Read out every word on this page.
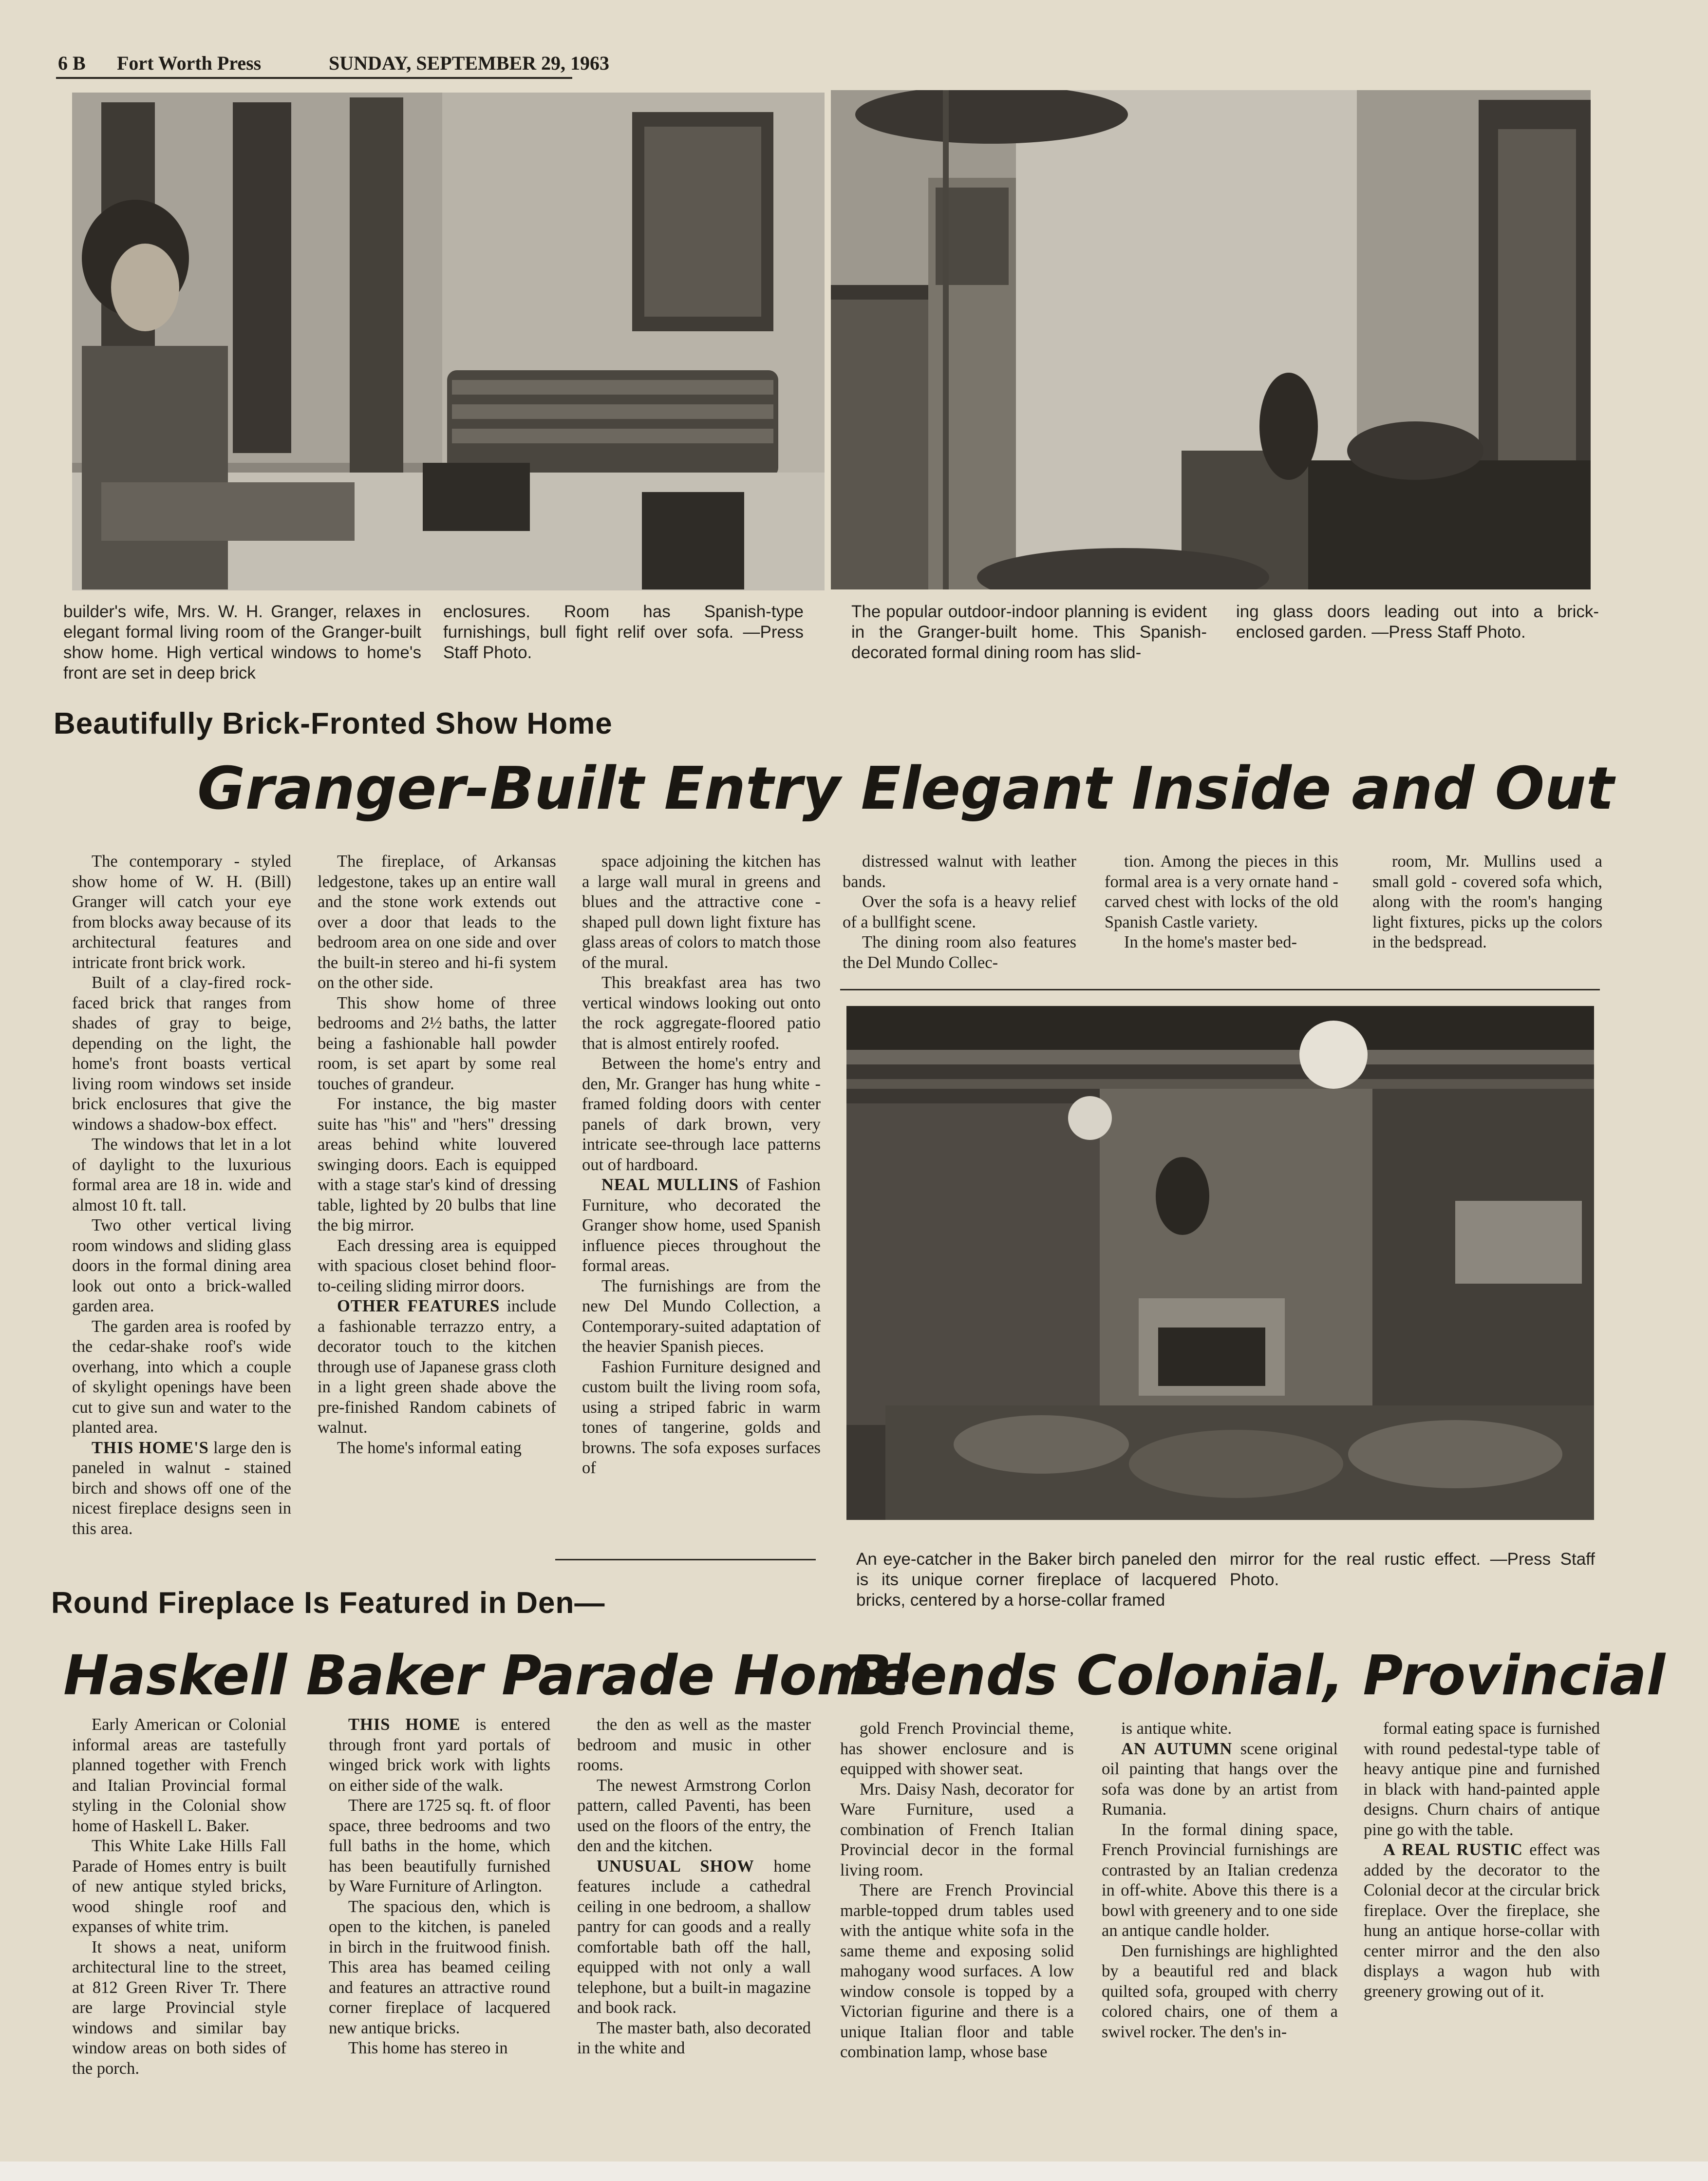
6 B Fort Worth Press	SUNDAY, SEPTEMBER 29, 1963
builder's wife, Mrs. W. H. Granger, relaxes in elegant formal living room of the Granger-built show home. High vertical windows to home's front are set in deep brick
enclosures. Room has Spanish-type furnishings, bull fight relif over sofa. —Press Staff Photo.
The popular outdoor-indoor planning is evident in the Granger-built home. This Spanish-decorated formal dining room has slid-
ing glass doors leading out into a brick-enclosed garden. —Press Staff Photo.
Beautifully Brick-Fronted Show Home
Granger-Built Entry Elegant Inside and Out

The contemporary - styled show home of W. H. (Bill) Granger will catch your eye from blocks away because of its architectural features and intricate front brick work.

Built of a clay-fired rock-faced brick that ranges from shades of gray to beige, depending on the light, the home's front boasts vertical living room windows set inside brick enclosures that give the windows a shadow-box effect.

The windows that let in a lot of daylight to the luxurious formal area are 18 in. wide and almost 10 ft. tall.

Two other vertical living room windows and sliding glass doors in the formal dining area look out onto a brick-walled garden area.

The garden area is roofed by the cedar-shake roof's wide overhang, into which a couple of skylight openings have been cut to give sun and water to the planted area.

THIS HOME'S large den is paneled in walnut - stained birch and shows off one of the nicest fireplace designs seen in this area.

The fireplace, of Arkansas ledgestone, takes up an entire wall and the stone work extends out over a door that leads to the bedroom area on one side and over the built-in stereo and hi-fi system on the other side.

This show home of three bedrooms and 2½ baths, the latter being a fashionable hall powder room, is set apart by some real touches of grandeur.

For instance, the big master suite has "his" and "hers" dressing areas behind white louvered swinging doors. Each is equipped with a stage star's kind of dressing table, lighted by 20 bulbs that line the big mirror.

Each dressing area is equipped with spacious closet behind floor-to-ceiling sliding mirror doors.

OTHER FEATURES include a fashionable terrazzo entry, a decorator touch to the kitchen through use of Japanese grass cloth in a light green shade above the pre-finished Random cabinets of walnut.

The home's informal eating

space adjoining the kitchen has a large wall mural in greens and blues and the attractive cone - shaped pull down light fixture has glass areas of colors to match those of the mural.

This breakfast area has two vertical windows looking out onto the rock aggregate-floored patio that is almost entirely roofed.

Between the home's entry and den, Mr. Granger has hung white - framed folding doors with center panels of dark brown, very intricate see-through lace patterns out of hardboard.

NEAL MULLINS of Fashion Furniture, who decorated the Granger show home, used Spanish influence pieces throughout the formal areas.

The furnishings are from the new Del Mundo Collection, a Contemporary-suited adaptation of the heavier Spanish pieces.

Fashion Furniture designed and custom built the living room sofa, using a striped fabric in warm tones of tangerine, golds and browns. The sofa exposes surfaces of

distressed walnut with leather bands.

Over the sofa is a heavy relief of a bullfight scene.

The dining room also features the Del Mundo Collec-

tion. Among the pieces in this formal area is a very ornate hand - carved chest with locks of the old Spanish Castle variety.

In the home's master bed-

room, Mr. Mullins used a small gold - covered sofa which, along with the room's hanging light fixtures, picks up the colors in the bedspread.

An eye-catcher in the Baker birch paneled den is its unique corner fireplace of lacquered bricks, centered by a horse-collar framed
mirror for the real rustic effect. —Press Staff Photo.
Round Fireplace Is Featured in Den—
Haskell Baker Parade Home
Blends Colonial, Provincial

Early American or Colonial informal areas are tastefully planned together with French and Italian Provincial formal styling in the Colonial show home of Haskell L. Baker.

This White Lake Hills Fall Parade of Homes entry is built of new antique styled bricks, wood shingle roof and expanses of white trim.

It shows a neat, uniform architectural line to the street, at 812 Green River Tr. There are large Provincial style windows and similar bay window areas on both sides of the porch.

THIS HOME is entered through front yard portals of winged brick work with lights on either side of the walk.

There are 1725 sq. ft. of floor space, three bedrooms and two full baths in the home, which has been beautifully furnished by Ware Furniture of Arlington.

The spacious den, which is open to the kitchen, is paneled in birch in the fruitwood finish. This area has beamed ceiling and features an attractive round corner fireplace of lacquered new antique bricks.

This home has stereo in

the den as well as the master bedroom and music in other rooms.

The newest Armstrong Corlon pattern, called Paventi, has been used on the floors of the entry, the den and the kitchen.

UNUSUAL SHOW home features include a cathedral ceiling in one bedroom, a shallow pantry for can goods and a really comfortable bath off the hall, equipped with not only a wall telephone, but a built-in magazine and book rack.

The master bath, also decorated in the white and

gold French Provincial theme, has shower enclosure and is equipped with shower seat.

Mrs. Daisy Nash, decorator for Ware Furniture, used a combination of French Italian Provincial decor in the formal living room.

There are French Provincial marble-topped drum tables used with the antique white sofa in the same theme and exposing solid mahogany wood surfaces. A low window console is topped by a Victorian figurine and there is a unique Italian floor and table combination lamp, whose base

is antique white.

AN AUTUMN scene original oil painting that hangs over the sofa was done by an artist from Rumania.

In the formal dining space, French Provincial furnishings are contrasted by an Italian credenza in off-white. Above this there is a bowl with greenery and to one side an antique candle holder.

Den furnishings are highlighted by a beautiful red and black quilted sofa, grouped with cherry colored chairs, one of them a swivel rocker. The den's in-

formal eating space is furnished with round pedestal-type table of heavy antique pine and furnished in black with hand-painted apple designs. Churn chairs of antique pine go with the table.

A REAL RUSTIC effect was added by the decorator to the Colonial decor at the circular brick fireplace. Over the fireplace, she hung an antique horse-collar with center mirror and the den also displays a wagon hub with greenery growing out of it.
